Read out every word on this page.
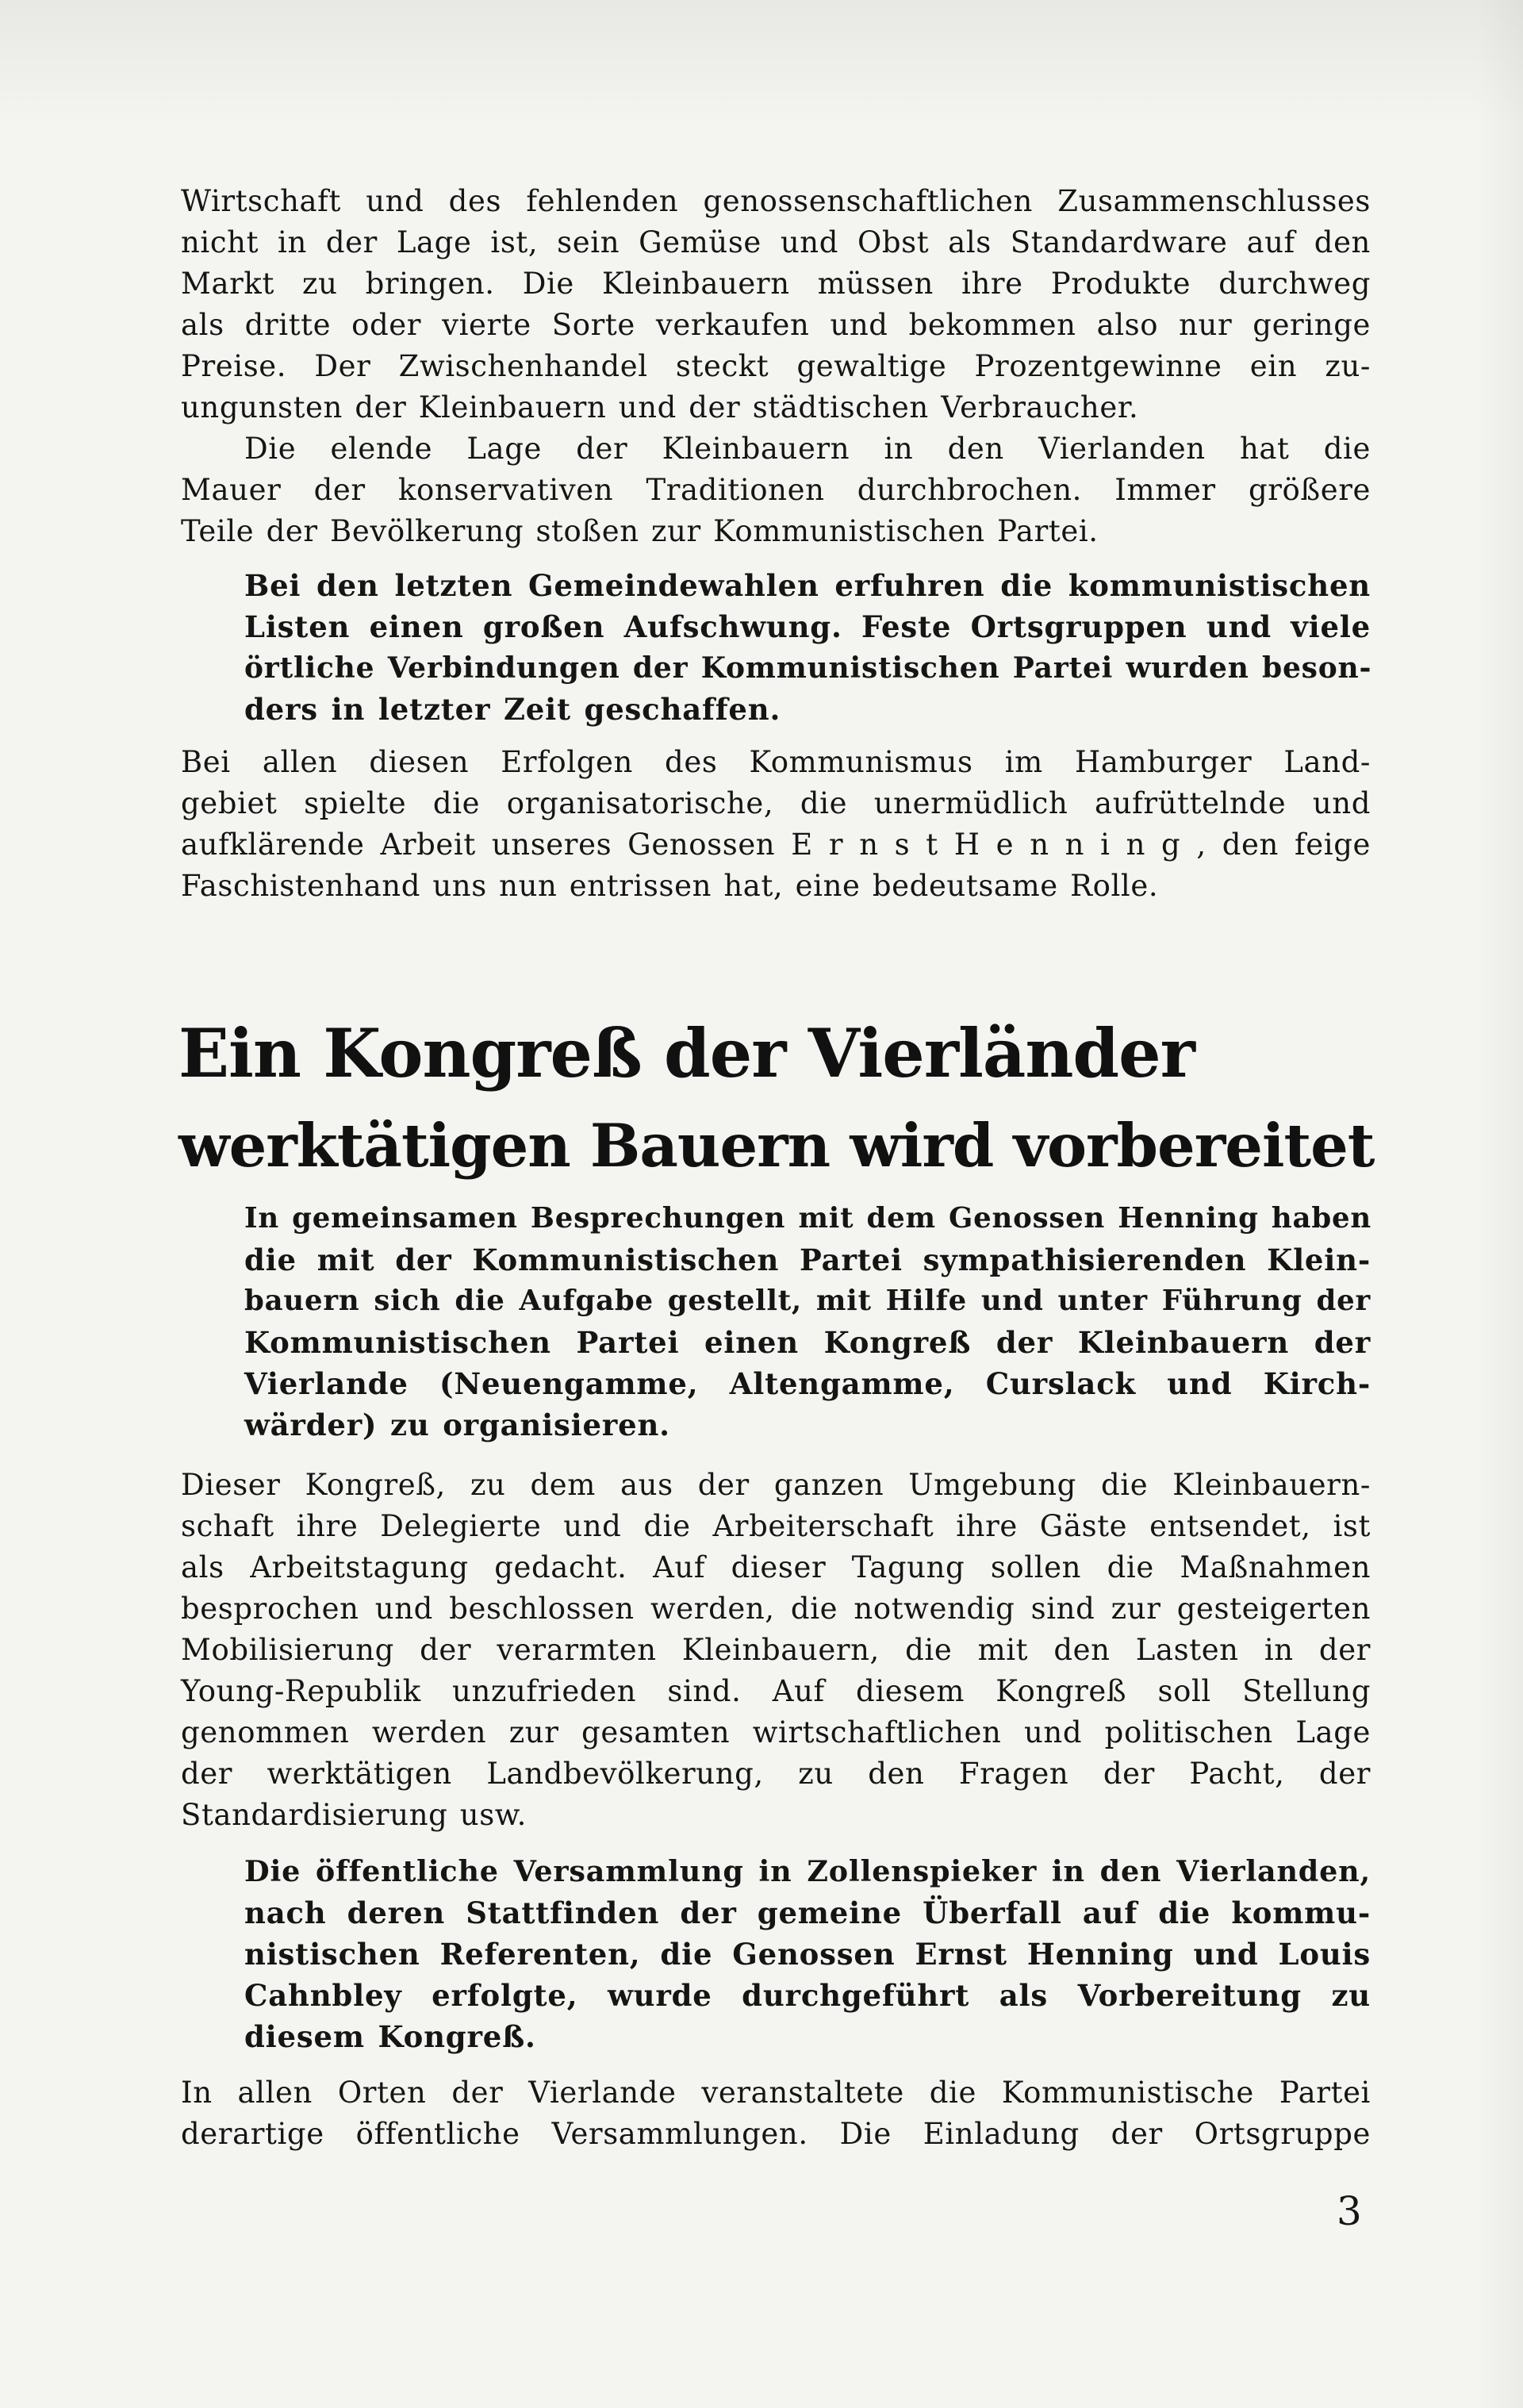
Wirtschaft und des fehlenden genossenschaftlichen Zusammenschlusses
nicht in der Lage ist, sein Gemüse und Obst als Standardware auf den
Markt zu bringen. Die Kleinbauern müssen ihre Produkte durchweg
als dritte oder vierte Sorte verkaufen und bekommen also nur geringe
Preise. Der Zwischenhandel steckt gewaltige Prozentgewinne ein zu-
ungunsten der Kleinbauern und der städtischen Verbraucher.

Die elende Lage der Kleinbauern in den Vierlanden hat die
Mauer der konservativen Traditionen durchbrochen. Immer größere
Teile der Bevölkerung stoßen zur Kommunistischen Partei.

Bei den letzten Gemeindewahlen erfuhren die kommunistischen
Listen einen großen Aufschwung. Feste Ortsgruppen und viele
örtliche Verbindungen der Kommunistischen Partei wurden beson-
ders in letzter Zeit geschaffen.

Bei allen diesen Erfolgen des Kommunismus im Hamburger Land-
gebiet spielte die organisatorische, die unermüdlich aufrüttelnde und
aufklärende Arbeit unseres Genossen E r n s t H e n n i n g , den feige
Faschistenhand uns nun entrissen hat, eine bedeutsame Rolle.

Ein Kongreß der Vierländer
werktätigen Bauern wird vorbereitet

In gemeinsamen Besprechungen mit dem Genossen Henning haben
die mit der Kommunistischen Partei sympathisierenden Klein-
bauern sich die Aufgabe gestellt, mit Hilfe und unter Führung der
Kommunistischen Partei einen Kongreß der Kleinbauern der
Vierlande (Neuengamme, Altengamme, Curslack und Kirch-
wärder) zu organisieren.

Dieser Kongreß, zu dem aus der ganzen Umgebung die Kleinbauern-
schaft ihre Delegierte und die Arbeiterschaft ihre Gäste entsendet, ist
als Arbeitstagung gedacht. Auf dieser Tagung sollen die Maßnahmen
besprochen und beschlossen werden, die notwendig sind zur gesteigerten
Mobilisierung der verarmten Kleinbauern, die mit den Lasten in der
Young-Republik unzufrieden sind. Auf diesem Kongreß soll Stellung
genommen werden zur gesamten wirtschaftlichen und politischen Lage
der werktätigen Landbevölkerung, zu den Fragen der Pacht, der
Standardisierung usw.

Die öffentliche Versammlung in Zollenspieker in den Vierlanden,
nach deren Stattfinden der gemeine Überfall auf die kommu-
nistischen Referenten, die Genossen Ernst Henning und Louis
Cahnbley erfolgte, wurde durchgeführt als Vorbereitung zu
diesem Kongreß.

In allen Orten der Vierlande veranstaltete die Kommunistische Partei
derartige öffentliche Versammlungen. Die Einladung der Ortsgruppe

3
